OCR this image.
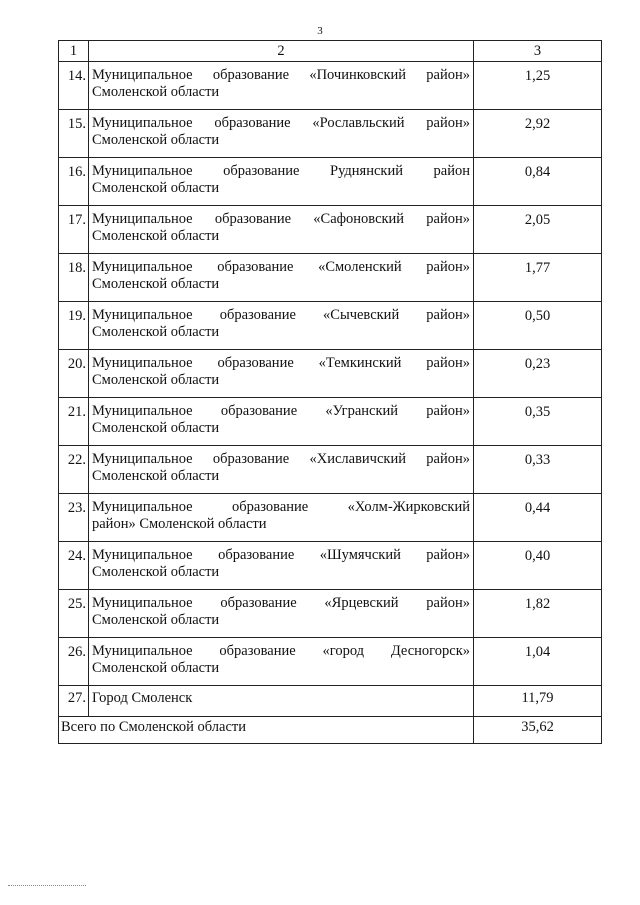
3
1	2	3
14.	Муниципальное образование «Починковский район»
Смоленской области	1,25
15.	Муниципальное образование «Рославльский район»
Смоленской области	2,92
16.	Муниципальное образование Руднянский район
Смоленской области	0,84
17.	Муниципальное образование «Сафоновский район»
Смоленской области	2,05
18.	Муниципальное образование «Смоленский район»
Смоленской области	1,77
19.	Муниципальное образование «Сычевский район»
Смоленской области	0,50
20.	Муниципальное образование «Темкинский район»
Смоленской области	0,23
21.	Муниципальное образование «Угранский район»
Смоленской области	0,35
22.	Муниципальное образование «Хиславичский район»
Смоленской области	0,33
23.	Муниципальное образование «Холм-Жирковский
район» Смоленской области	0,44
24.	Муниципальное образование «Шумячский район»
Смоленской области	0,40
25.	Муниципальное образование «Ярцевский район»
Смоленской области	1,82
26.	Муниципальное образование «город Десногорск»
Смоленской области	1,04
27.	Город Смоленск	11,79
Всего по Смоленской области		35,62
